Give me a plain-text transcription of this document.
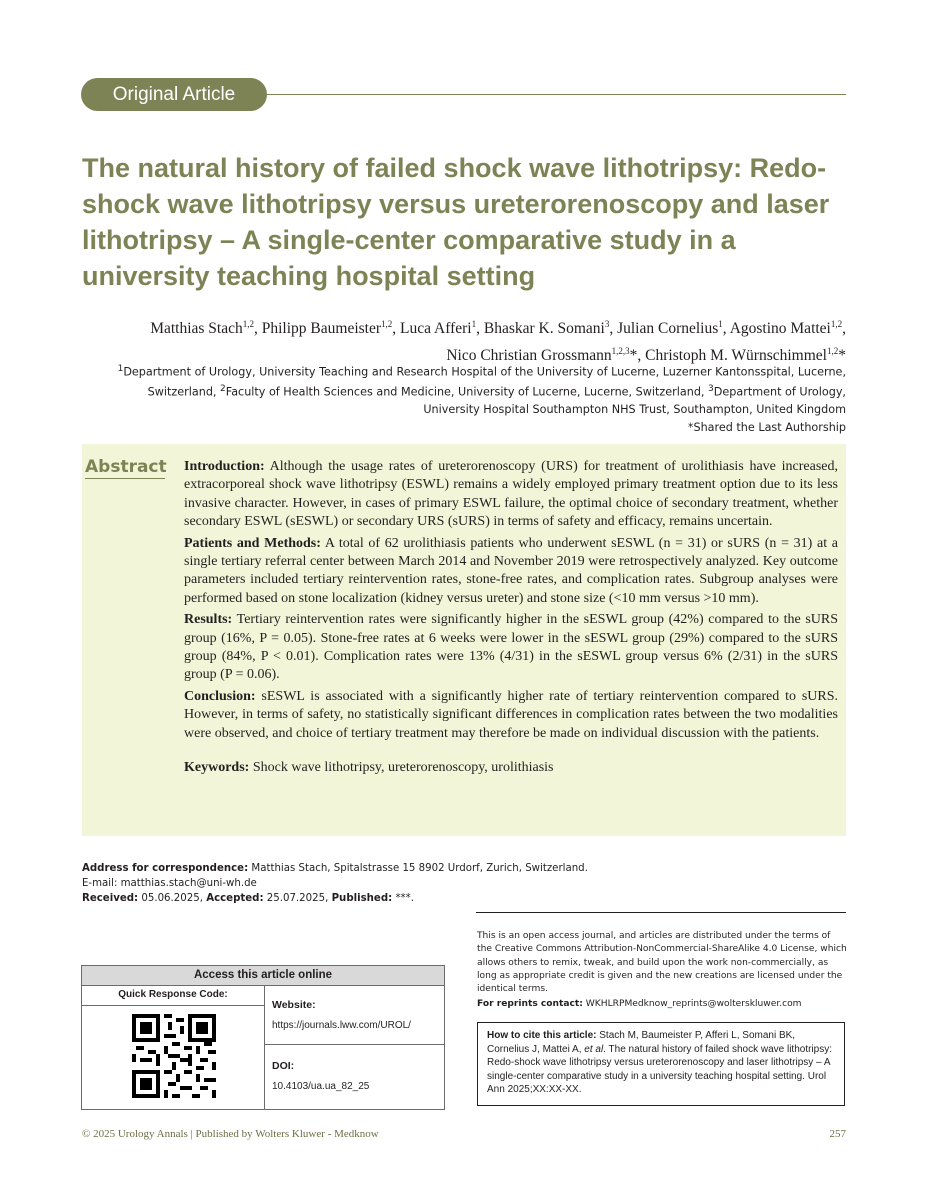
Original Article
The natural history of failed shock wave lithotripsy: Redo-shock wave lithotripsy versus ureterorenoscopy and laser lithotripsy – A single-center comparative study in a university teaching hospital setting
Matthias Stach$^{1,2}$, Philipp Baumeister$^{1,2}$, Luca Afferi$^1$, Bhaskar K. Somani$^3$, Julian Cornelius$^1$, Agostino Mattei$^{1,2}$,
Nico Christian Grossmann$^{1,2,3}$*, Christoph M. Würnschimmel$^{1,2}$*
$^1$Department of Urology, University Teaching and Research Hospital of the University of Lucerne, Luzerner Kantonsspital, Lucerne, Switzerland, $^2$Faculty of Health Sciences and Medicine, University of Lucerne, Lucerne, Switzerland, $^3$Department of Urology, University Hospital Southampton NHS Trust, Southampton, United Kingdom
*Shared the Last Authorship
Abstract Introduction: Although the usage rates of ureterorenoscopy (URS) for treatment of urolithiasis have increased, extracorporeal shock wave lithotripsy (ESWL) remains a widely employed primary treatment option due to its less invasive character. However, in cases of primary ESWL failure, the optimal choice of secondary treatment, whether secondary ESWL (sESWL) or secondary URS (sURS) in terms of safety and efficacy, remains uncertain.

Patients and Methods: A total of 62 urolithiasis patients who underwent sESWL (n = 31) or sURS (n = 31) at a single tertiary referral center between March 2014 and November 2019 were retrospectively analyzed. Key outcome parameters included tertiary reintervention rates, stone-free rates, and complication rates. Subgroup analyses were performed based on stone localization (kidney versus ureter) and stone size (<10 mm versus >10 mm).

Results: Tertiary reintervention rates were significantly higher in the sESWL group (42%) compared to the sURS group (16%, P = 0.05). Stone-free rates at 6 weeks were lower in the sESWL group (29%) compared to the sURS group (84%, P < 0.01). Complication rates were 13% (4/31) in the sESWL group versus 6% (2/31) in the sURS group (P = 0.06).

Conclusion: sESWL is associated with a significantly higher rate of tertiary reintervention compared to sURS. However, in terms of safety, no statistically significant differences in complication rates between the two modalities were observed, and choice of tertiary treatment may therefore be made on individual discussion with the patients.

Keywords: Shock wave lithotripsy, ureterorenoscopy, urolithiasis

Address for correspondence: Matthias Stach, Spitalstrasse 15 8902 Urdorf, Zurich, Switzerland.
E-mail: matthias.stach@uni-wh.de
Received: 05.06.2025, Accepted: 25.07.2025, Published: ***.
This is an open access journal, and articles are distributed under the terms of the Creative Commons Attribution-NonCommercial-ShareAlike 4.0 License, which allows others to remix, tweak, and build upon the work non-commercially, as long as appropriate credit is given and the new creations are licensed under the identical terms.
For reprints contact: WKHLRPMedknow_reprints@wolterskluwer.com
How to cite this article: Stach M, Baumeister P, Afferi L, Somani BK, Cornelius J, Mattei A, et al. The natural history of failed shock wave lithotripsy: Redo-shock wave lithotripsy versus ureterorenoscopy and laser lithotripsy – A single-center comparative study in a university teaching hospital setting. Urol Ann 2025;XX:XX-XX.
Access this article online
Quick Response Code:
Website:
https://journals.lww.com/UROL/
DOI:
10.4103/ua.ua_82_25
© 2025 Urology Annals | Published by Wolters Kluwer - Medknow	257
